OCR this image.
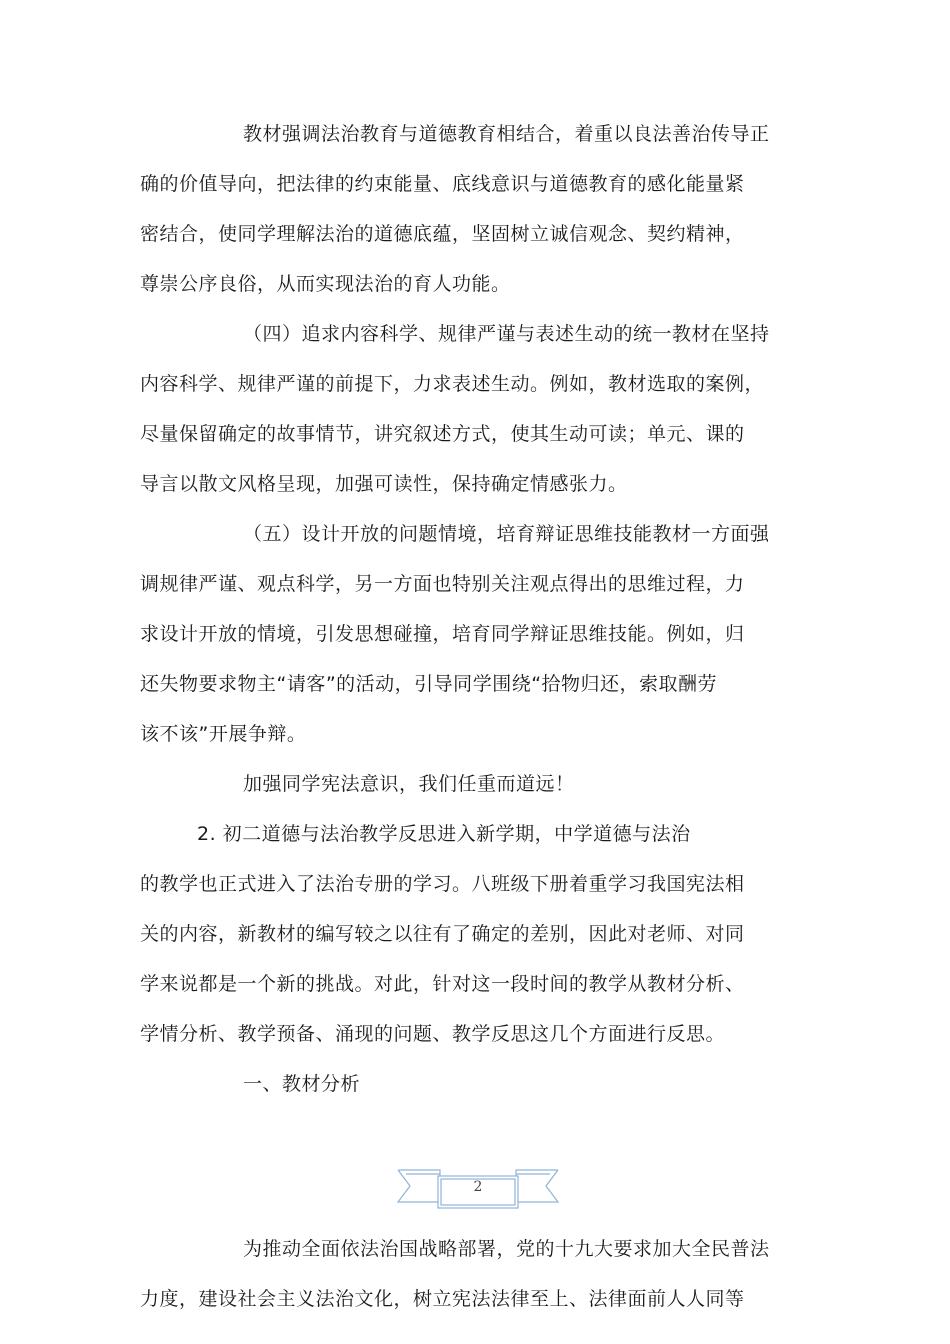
教材强调法治教育与道德教育相结合，着重以良法善治传导正
确的价值导向，把法律的约束能量、底线意识与道德教育的感化能量紧
密结合，使同学理解法治的道德底蕴，坚固树立诚信观念、契约精神，
尊崇公序良俗，从而实现法治的育人功能。
（四）追求内容科学、规律严谨与表述生动的统一教材在坚持
内容科学、规律严谨的前提下，力求表述生动。例如，教材选取的案例，
尽量保留确定的故事情节，讲究叙述方式，使其生动可读；单元、课的
导言以散文风格呈现，加强可读性，保持确定情感张力。
（五）设计开放的问题情境，培育辩证思维技能教材一方面强
调规律严谨、观点科学，另一方面也特别关注观点得出的思维过程，力
求设计开放的情境，引发思想碰撞，培育同学辩证思维技能。例如，归
还失物要求物主“请客”的活动，引导同学围绕“拾物归还，索取酬劳
该不该”开展争辩。
加强同学宪法意识，我们任重而道远！
2. 初二道德与法治教学反思进入新学期，中学道德与法治
的教学也正式进入了法治专册的学习。八班级下册着重学习我国宪法相
关的内容，新教材的编写较之以往有了确定的差别，因此对老师、对同
学来说都是一个新的挑战。对此，针对这一段时间的教学从教材分析、
学情分析、教学预备、涌现的问题、教学反思这几个方面进行反思。
一、教材分析
2
为推动全面依法治国战略部署，党的十九大要求加大全民普法
力度，建设社会主义法治文化，树立宪法法律至上、法律面前人人同等
